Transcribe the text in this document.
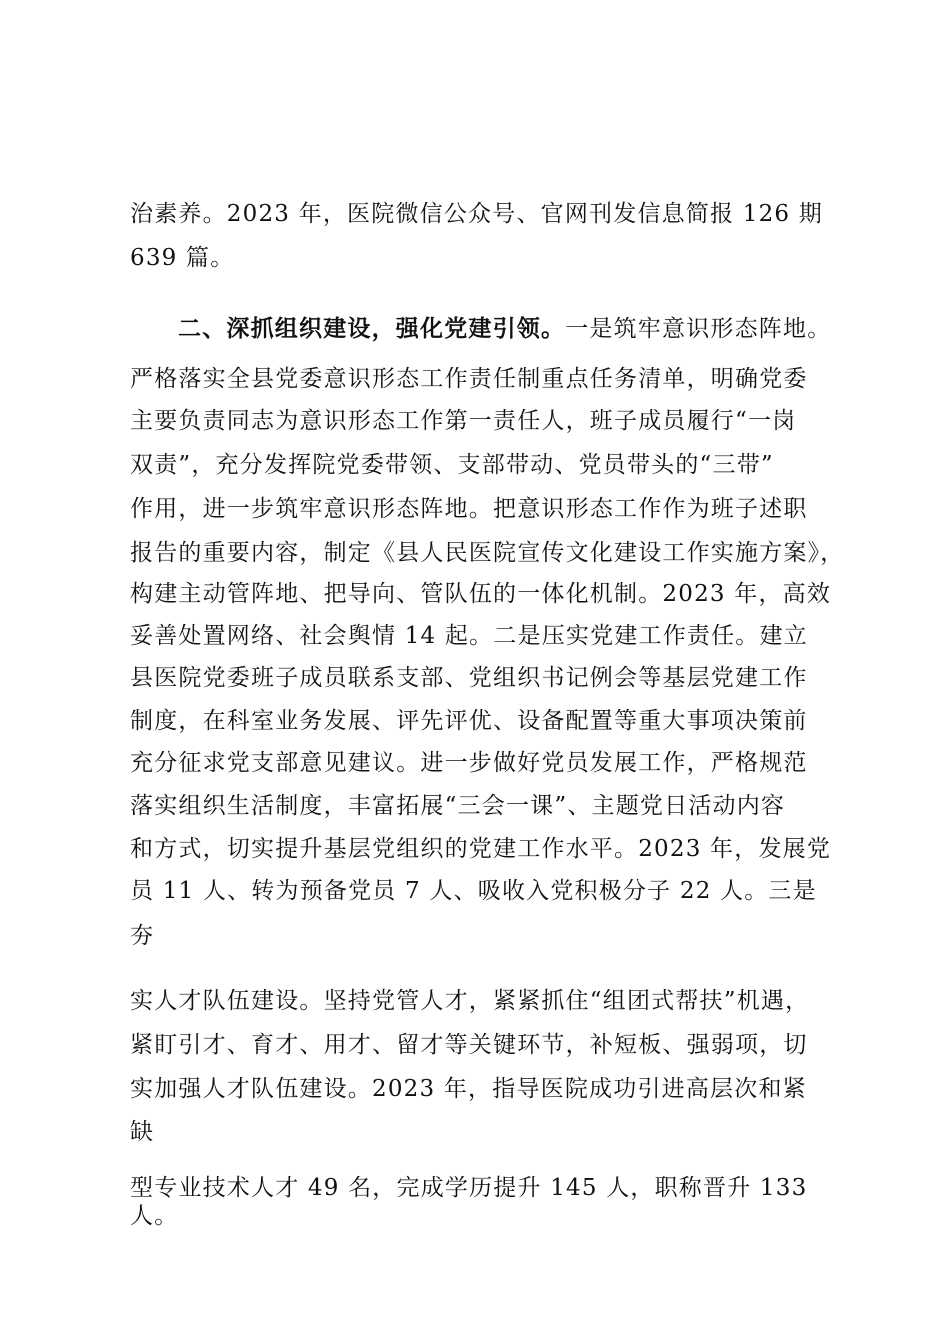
治素养。2023 年，医院微信公众号、官网刊发信息简报 126 期
639 篇。
二、深抓组织建设，强化党建引领。一是筑牢意识形态阵地。
严格落实全县党委意识形态工作责任制重点任务清单，明确党委
主要负责同志为意识形态工作第一责任人，班子成员履行“一岗
双责”，充分发挥院党委带领、支部带动、党员带头的“三带”
作用，进一步筑牢意识形态阵地。把意识形态工作作为班子述职
报告的重要内容，制定《县人民医院宣传文化建设工作实施方案》，
构建主动管阵地、把导向、管队伍的一体化机制。2023 年，高效
妥善处置网络、社会舆情 14 起。二是压实党建工作责任。建立
县医院党委班子成员联系支部、党组织书记例会等基层党建工作
制度，在科室业务发展、评先评优、设备配置等重大事项决策前
充分征求党支部意见建议。进一步做好党员发展工作，严格规范
落实组织生活制度，丰富拓展“三会一课”、主题党日活动内容
和方式，切实提升基层党组织的党建工作水平。2023 年，发展党
员 11 人、转为预备党员 7 人、吸收入党积极分子 22 人。三是
夯
实人才队伍建设。坚持党管人才，紧紧抓住“组团式帮扶”机遇，
紧盯引才、育才、用才、留才等关键环节，补短板、强弱项，切
实加强人才队伍建设。2023 年，指导医院成功引进高层次和紧
缺
型专业技术人才 49 名，完成学历提升 145 人，职称晋升 133
人。
